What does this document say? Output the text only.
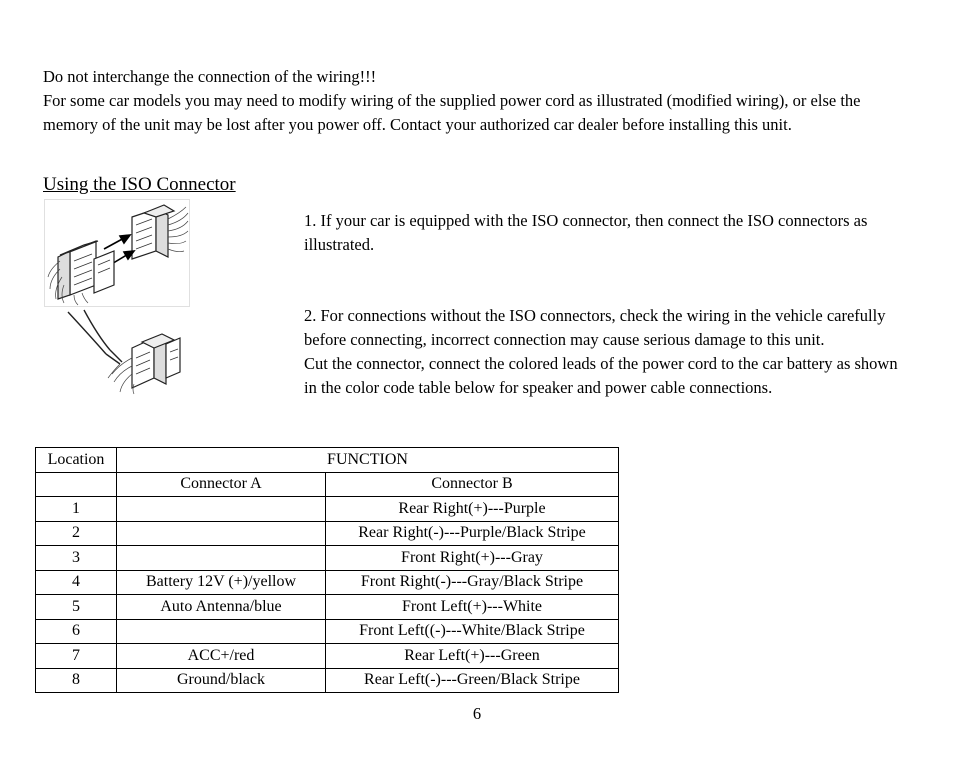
Do not interchange the connection of the wiring!!!

For some car models you may need to modify wiring of the supplied power cord as illustrated (modified wiring), or else the memory of the unit may be lost after you power off. Contact your authorized car dealer before installing this unit.

Using the ISO Connector

1. If your car is equipped with the ISO connector, then connect the ISO connectors as illustrated.

2. For connections without the ISO connectors, check the wiring in the vehicle carefully before connecting, incorrect connection may cause serious damage to this unit.

Cut the connector, connect the colored leads of the power cord to the car battery as shown in the color code table below for speaker and power cable connections.

Location	FUNCTION	
	Connector A	Connector B
1		Rear Right(+)---Purple
2		Rear Right(-)---Purple/Black Stripe
3		Front Right(+)---Gray
4	Battery 12V (+)/yellow	Front Right(-)---Gray/Black Stripe
5	Auto Antenna/blue	Front Left(+)---White
6		Front Left((-)---White/Black Stripe
7	ACC+/red	Rear Left(+)---Green
8	Ground/black	Rear Left(-)---Green/Black Stripe
6
